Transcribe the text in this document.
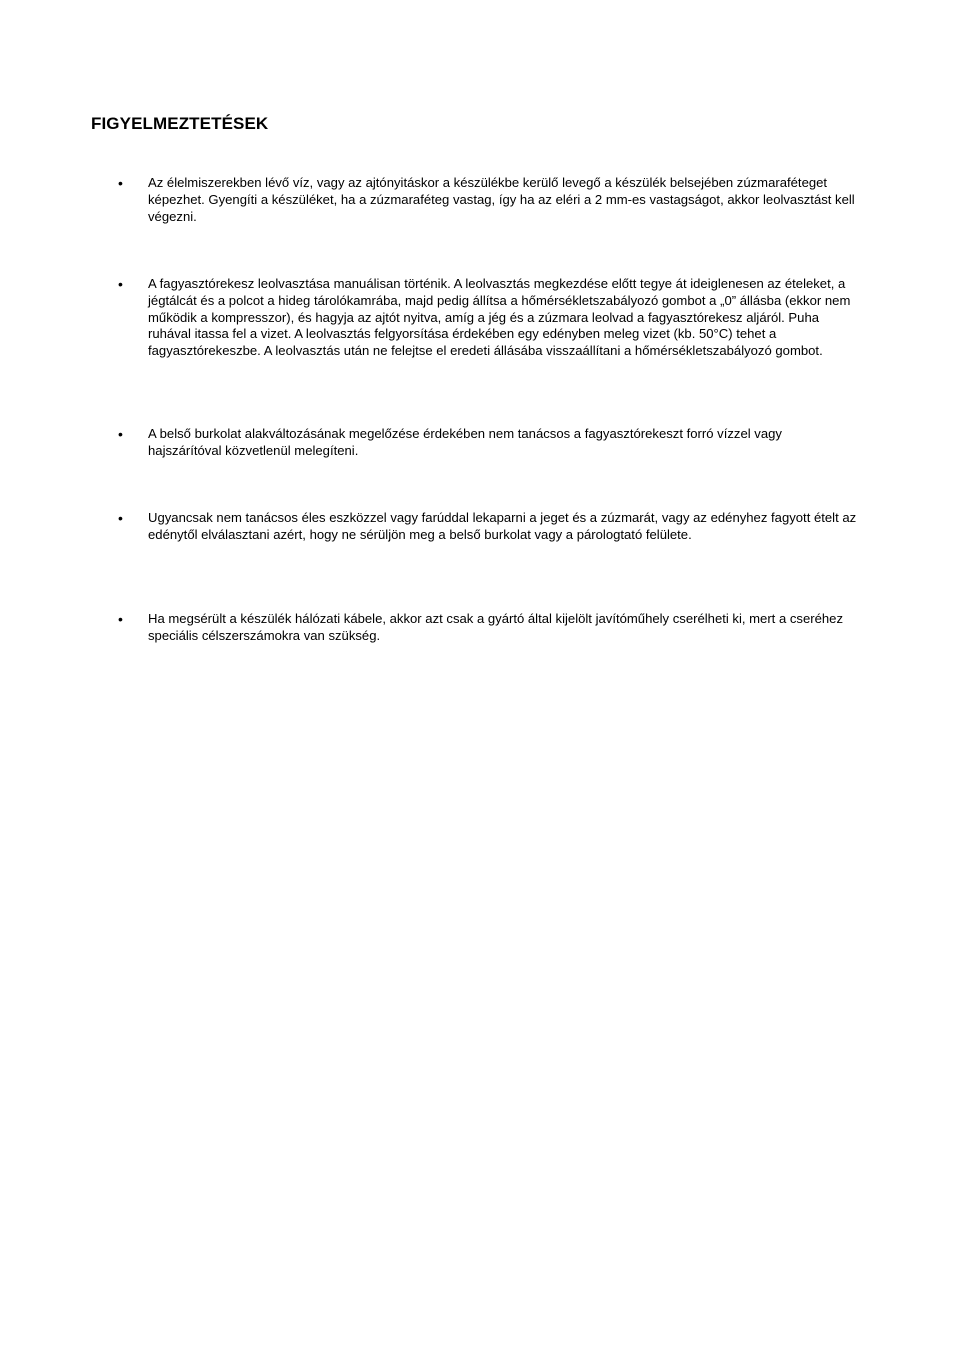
FIGYELMEZTETÉSEK
• Az élelmiszerekben lévő víz, vagy az ajtónyitáskor a készülékbe kerülő levegő a készülék belsejében zúzmaraféteget képezhet. Gyengíti a készüléket, ha a zúzmaraféteg vastag, így ha az eléri a 2 mm-es vastagságot, akkor leolvasztást kell végezni.
• A fagyasztórekesz leolvasztása manuálisan történik. A leolvasztás megkezdése előtt tegye át ideiglenesen az ételeket, a jégtálcát és a polcot a hideg tárolókamrába, majd pedig állítsa a hőmérsékletszabályozó gombot a „0” állásba (ekkor nem működik a kompresszor), és hagyja az ajtót nyitva, amíg a jég és a zúzmara leolvad a fagyasztórekesz aljáról. Puha ruhával itassa fel a vizet. A leolvasztás felgyorsítása érdekében egy edényben meleg vizet (kb. 50°C) tehet a fagyasztórekeszbe. A leolvasztás után ne felejtse el eredeti állásába visszaállítani a hőmérsékletszabályozó gombot.
• A belső burkolat alakváltozásának megelőzése érdekében nem tanácsos a fagyasztórekeszt forró vízzel vagy hajszárítóval közvetlenül melegíteni.
• Ugyancsak nem tanácsos éles eszközzel vagy farúddal lekaparni a jeget és a zúzmarát, vagy az edényhez fagyott ételt az edénytől elválasztani azért, hogy ne sérüljön meg a belső burkolat vagy a párologtató felülete.
• Ha megsérült a készülék hálózati kábele, akkor azt csak a gyártó által kijelölt javítóműhely cserélheti ki, mert a cseréhez speciális célszerszámokra van szükség.
